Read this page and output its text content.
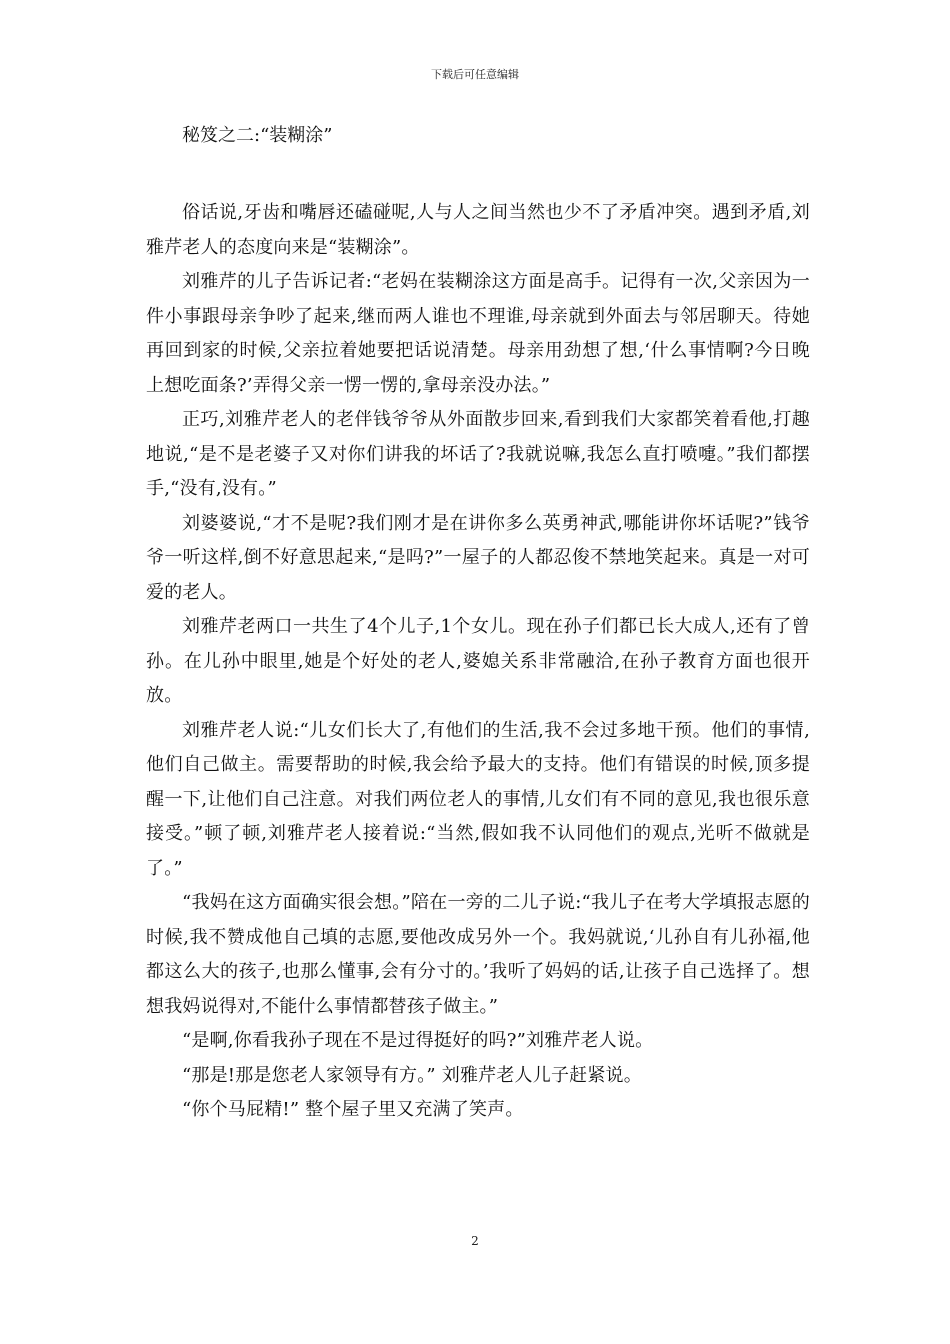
下载后可任意编辑

秘笈之二:“装糊涂”

俗话说,牙齿和嘴唇还磕碰呢,人与人之间当然也少不了矛盾冲突。遇到矛盾,刘雅芹老人的态度向来是“装糊涂”。

刘雅芹的儿子告诉记者:“老妈在装糊涂这方面是高手。记得有一次,父亲因为一件小事跟母亲争吵了起来,继而两人谁也不理谁,母亲就到外面去与邻居聊天。待她再回到家的时候,父亲拉着她要把话说清楚。母亲用劲想了想,‘什么事情啊?今日晚上想吃面条?’弄得父亲一愣一愣的,拿母亲没办法。”

正巧,刘雅芹老人的老伴钱爷爷从外面散步回来,看到我们大家都笑着看他,打趣地说,“是不是老婆子又对你们讲我的坏话了?我就说嘛,我怎么直打喷嚏。”我们都摆手,“没有,没有。”

刘婆婆说,“才不是呢?我们刚才是在讲你多么英勇神武,哪能讲你坏话呢?”钱爷爷一听这样,倒不好意思起来,“是吗?”一屋子的人都忍俊不禁地笑起来。真是一对可爱的老人。

刘雅芹老两口一共生了4个儿子,1个女儿。现在孙子们都已长大成人,还有了曾孙。在儿孙中眼里,她是个好处的老人,婆媳关系非常融洽,在孙子教育方面也很开放。

刘雅芹老人说:“儿女们长大了,有他们的生活,我不会过多地干预。他们的事情,他们自己做主。需要帮助的时候,我会给予最大的支持。他们有错误的时候,顶多提醒一下,让他们自己注意。对我们两位老人的事情,儿女们有不同的意见,我也很乐意接受。”顿了顿,刘雅芹老人接着说:“当然,假如我不认同他们的观点,光听不做就是了。”

“我妈在这方面确实很会想。”陪在一旁的二儿子说:“我儿子在考大学填报志愿的时候,我不赞成他自己填的志愿,要他改成另外一个。我妈就说,‘儿孙自有儿孙福,他都这么大的孩子,也那么懂事,会有分寸的。’我听了妈妈的话,让孩子自己选择了。想想我妈说得对,不能什么事情都替孩子做主。”

“是啊,你看我孙子现在不是过得挺好的吗?”刘雅芹老人说。

“那是!那是您老人家领导有方。” 刘雅芹老人儿子赶紧说。

“你个马屁精!” 整个屋子里又充满了笑声。

2
